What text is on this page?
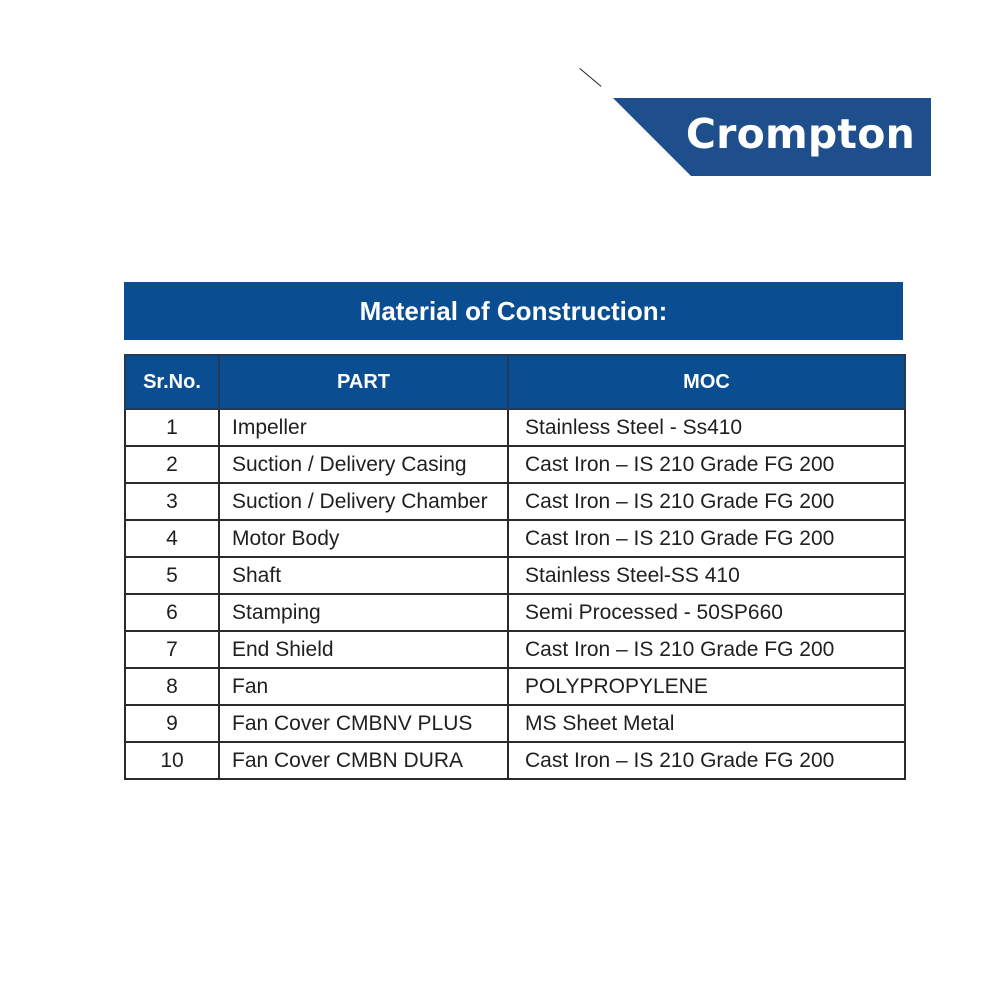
Crompton
Material of Construction:
Sr.No.	PART	MOC
1	Impeller	Stainless Steel - Ss410
2	Suction / Delivery Casing	Cast Iron – IS 210 Grade FG 200
3	Suction / Delivery Chamber	Cast Iron – IS 210 Grade FG 200
4	Motor Body	Cast Iron – IS 210 Grade FG 200
5	Shaft	Stainless Steel-SS 410
6	Stamping	Semi Processed - 50SP660
7	End Shield	Cast Iron – IS 210 Grade FG 200
8	Fan	POLYPROPYLENE
9	Fan Cover CMBNV PLUS	MS Sheet Metal
10	Fan Cover CMBN DURA	Cast Iron – IS 210 Grade FG 200
